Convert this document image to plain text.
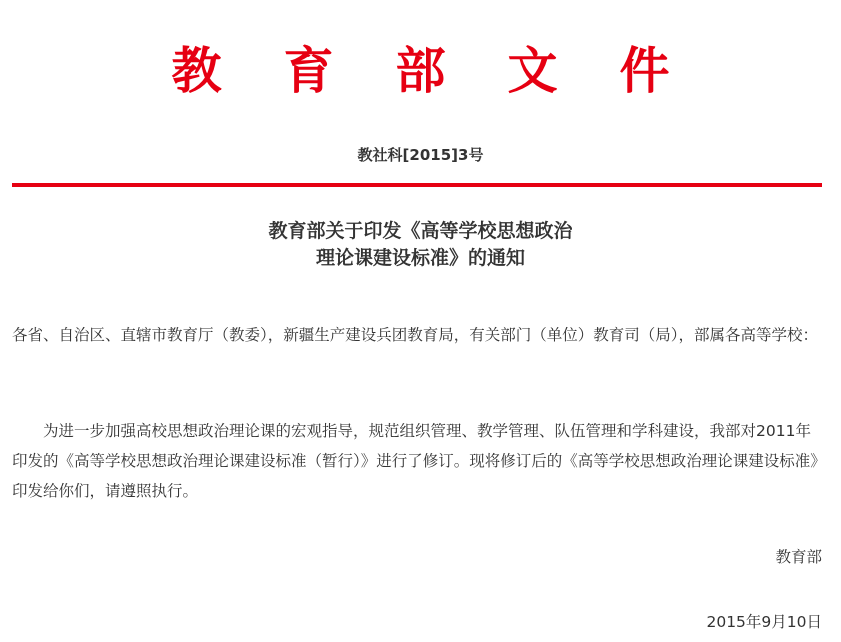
教育部文件
教社科[2015]3号
教育部关于印发《高等学校思想政治
理论课建设标准》的通知
各省、自治区、直辖市教育厅（教委），新疆生产建设兵团教育局，有关部门（单位）教育司（局），部属各高等学校：
为进一步加强高校思想政治理论课的宏观指导，规范组织管理、教学管理、队伍管理和学科建设，我部对2011年印发的《高等学校思想政治理论课建设标准（暂行）》进行了修订。现将修订后的《高等学校思想政治理论课建设标准》印发给你们，请遵照执行。
教育部
2015年9月10日
